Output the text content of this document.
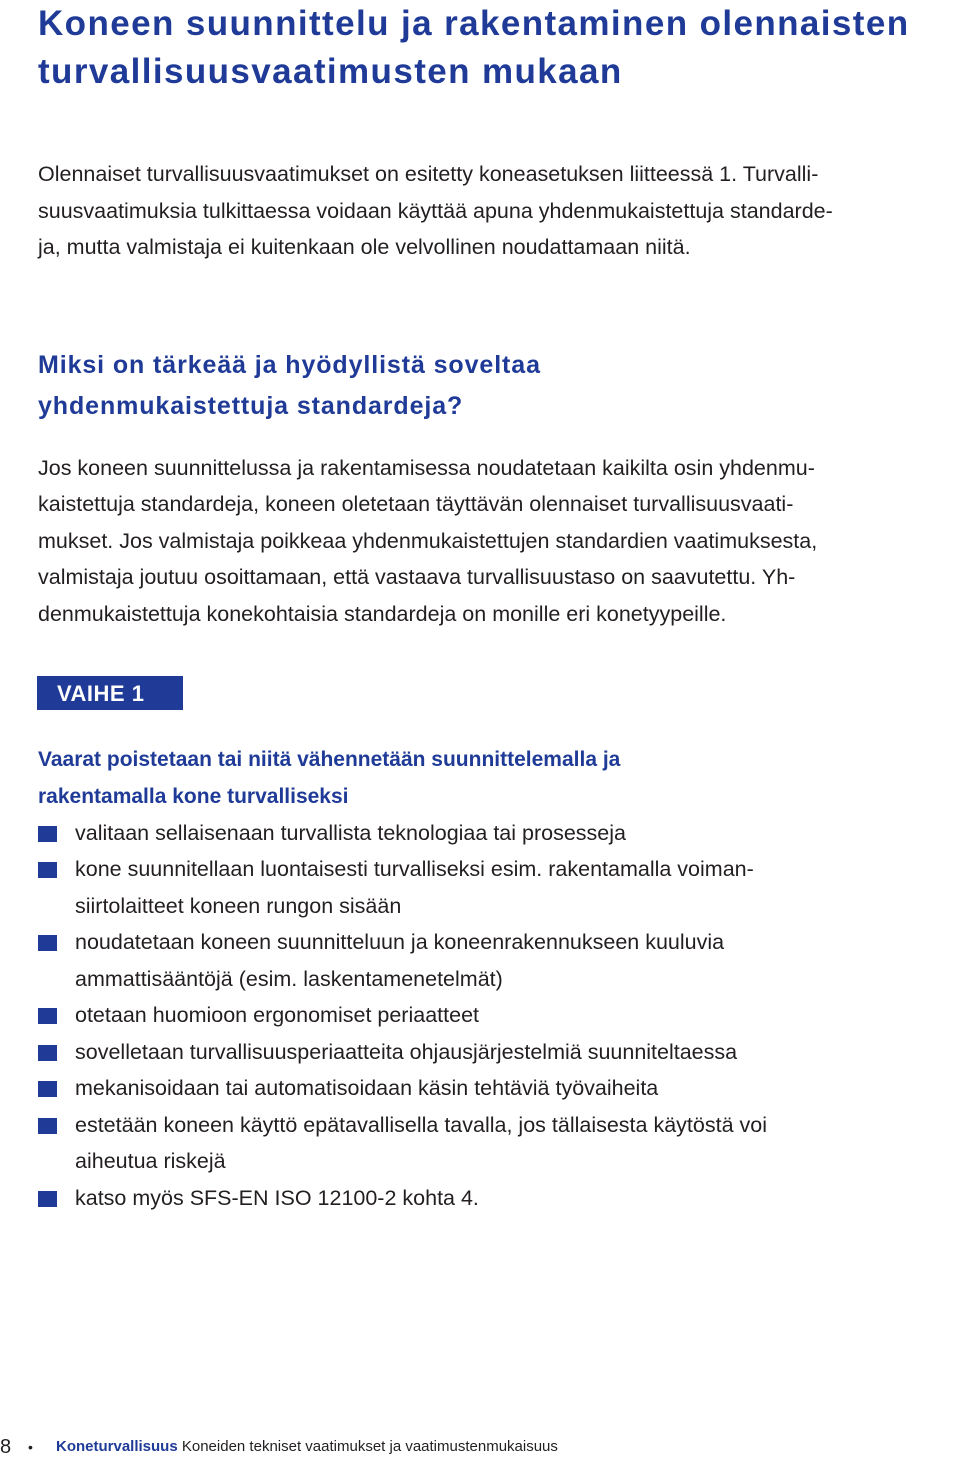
Koneen suunnittelu ja rakentaminen olennaisten turvallisuusvaatimusten mukaan

Olennaiset turvallisuusvaatimukset on esitetty koneasetuksen liitteessä 1. Turvalli-

suusvaatimuksia tulkittaessa voidaan käyttää apuna yhdenmukaistettuja standarde-

ja, mutta valmistaja ei kuitenkaan ole velvollinen noudattamaan niitä.

Miksi on tärkeää ja hyödyllistä soveltaa
yhdenmukaistettuja standardeja?

Jos koneen suunnittelussa ja rakentamisessa noudatetaan kaikilta osin yhdenmu-

kaistettuja standardeja, koneen oletetaan täyttävän olennaiset turvallisuusvaati-

mukset. Jos valmistaja poikkeaa yhdenmukaistettujen standardien vaatimuksesta,

valmistaja joutuu osoittamaan, että vastaava turvallisuustaso on saavutettu. Yh-

denmukaistettuja konekohtaisia standardeja on monille eri konetyypeille.

VAIHE 1
Vaarat poistetaan tai niitä vähennetään suunnittelemalla ja
rakentamalla kone turvalliseksi

valitaan sellaisenaan turvallista teknologiaa tai prosesseja

kone suunnitellaan luontaisesti turvalliseksi esim. rakentamalla voiman-

siirtolaitteet koneen rungon sisään

noudatetaan koneen suunnitteluun ja koneenrakennukseen kuuluvia

ammattisääntöjä (esim. laskentamenetelmät)

otetaan huomioon ergonomiset periaatteet

sovelletaan turvallisuusperiaatteita ohjausjärjestelmiä suunniteltaessa

mekanisoidaan tai automatisoidaan käsin tehtäviä työvaiheita

estetään koneen käyttö epätavallisella tavalla, jos tällaisesta käytöstä voi

aiheutua riskejä

katso myös SFS-EN ISO 12100-2 kohta 4.

8 • Koneturvallisuus Koneiden tekniset vaatimukset ja vaatimustenmukaisuus
